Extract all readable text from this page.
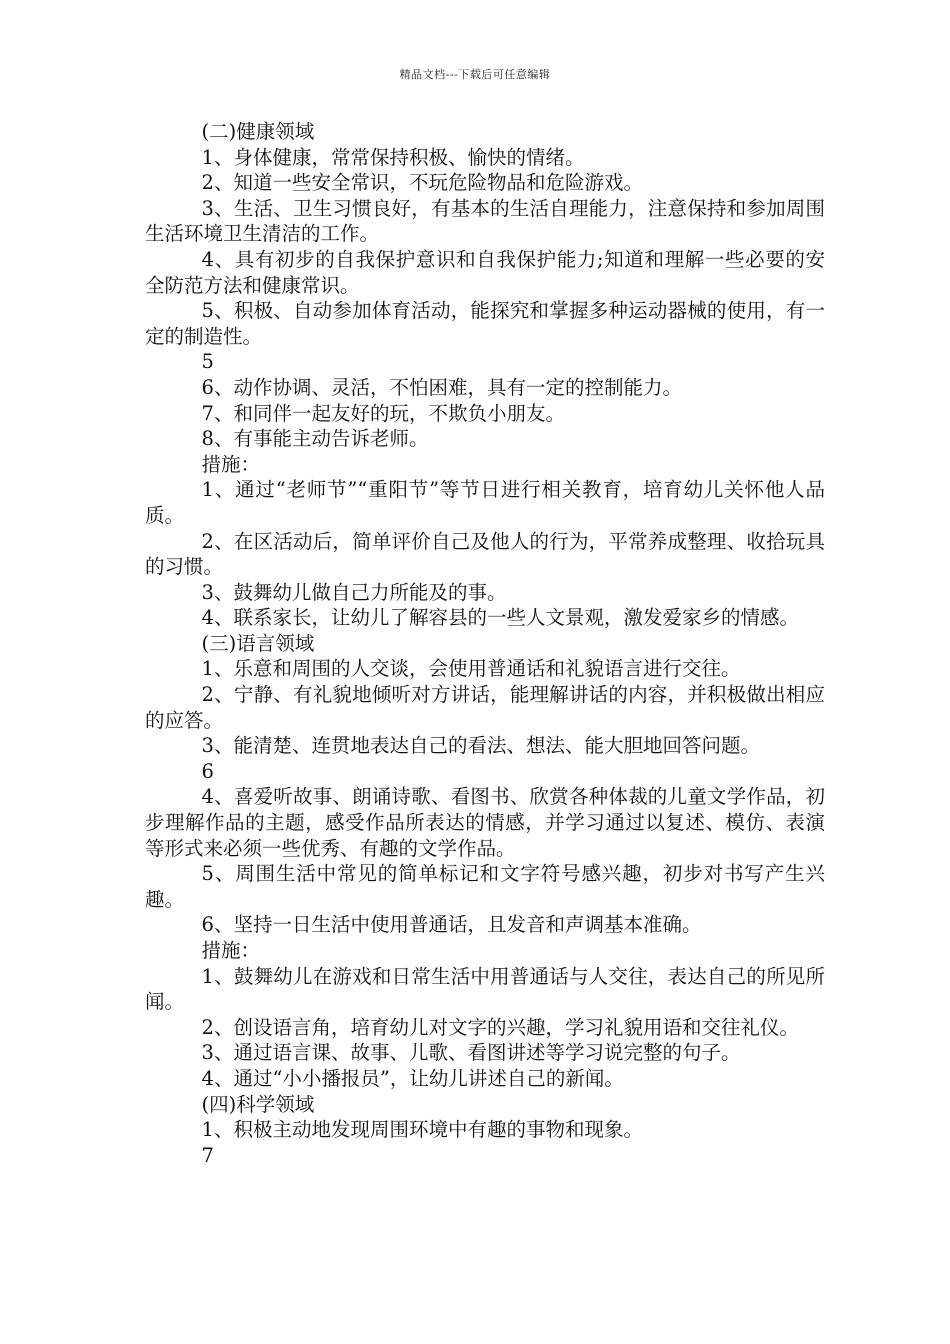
精品文档---下载后可任意编辑

(二)健康领域

1、身体健康，常常保持积极、愉快的情绪。

2、知道一些安全常识，不玩危险物品和危险游戏。

3、生活、卫生习惯良好，有基本的生活自理能力，注意保持和参加周围生活环境卫生清洁的工作。

4、具有初步的自我保护意识和自我保护能力;知道和理解一些必要的安全防范方法和健康常识。

5、积极、自动参加体育活动，能探究和掌握多种运动器械的使用，有一定的制造性。

5

6、动作协调、灵活，不怕困难，具有一定的控制能力。

7、和同伴一起友好的玩，不欺负小朋友。

8、有事能主动告诉老师。

措施：

1、通过“老师节”“重阳节”等节日进行相关教育，培育幼儿关怀他人品质。

2、在区活动后，简单评价自己及他人的行为，平常养成整理、收拾玩具的习惯。

3、鼓舞幼儿做自己力所能及的事。

4、联系家长，让幼儿了解容县的一些人文景观，激发爱家乡的情感。

(三)语言领域

1、乐意和周围的人交谈，会使用普通话和礼貌语言进行交往。

2、宁静、有礼貌地倾听对方讲话，能理解讲话的内容，并积极做出相应的应答。

3、能清楚、连贯地表达自己的看法、想法、能大胆地回答问题。

6

4、喜爱听故事、朗诵诗歌、看图书、欣赏各种体裁的儿童文学作品，初步理解作品的主题，感受作品所表达的情感，并学习通过以复述、模仿、表演等形式来必须一些优秀、有趣的文学作品。

5、周围生活中常见的简单标记和文字符号感兴趣，初步对书写产生兴趣。

6、坚持一日生活中使用普通话，且发音和声调基本准确。

措施：

1、鼓舞幼儿在游戏和日常生活中用普通话与人交往，表达自己的所见所闻。

2、创设语言角，培育幼儿对文字的兴趣，学习礼貌用语和交往礼仪。

3、通过语言课、故事、儿歌、看图讲述等学习说完整的句子。

4、通过“小小播报员”，让幼儿讲述自己的新闻。

(四)科学领域

1、积极主动地发现周围环境中有趣的事物和现象。

7
